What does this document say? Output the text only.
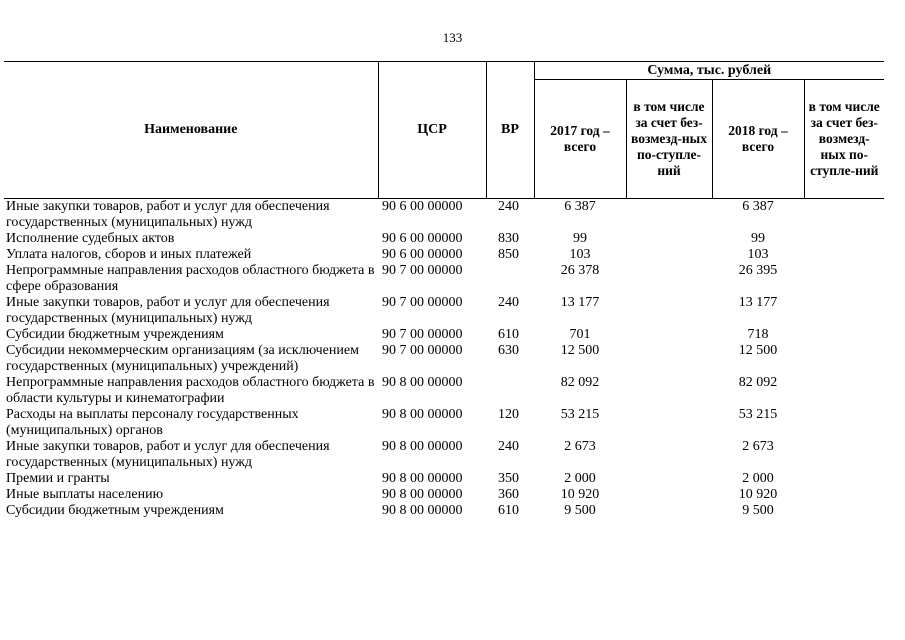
133
Наименование	ЦСР	ВР	Сумма, тыс. рублей			
			2017 год – всего	в том числе за счет без-возмезд-ных по-ступле-ний	2018 год – всего	в том числе за счет без-возмезд-ных по-ступле-ний
Иные закупки товаров, работ и услуг для обеспечения государственных (муниципальных) нужд	90 6 00 00000	240	6 387		6 387	
Исполнение судебных актов	90 6 00 00000	830	99		99	
Уплата налогов, сборов и иных платежей	90 6 00 00000	850	103		103	
Непрограммные направления расходов областного бюджета в сфере образования	90 7 00 00000		26 378		26 395	
Иные закупки товаров, работ и услуг для обеспечения государственных (муниципальных) нужд	90 7 00 00000	240	13 177		13 177	
Субсидии бюджетным учреждениям	90 7 00 00000	610	701		718	
Субсидии некоммерческим организациям (за исключением государственных (муниципальных) учреждений)	90 7 00 00000	630	12 500		12 500	
Непрограммные направления расходов областного бюджета в области культуры и кинематографии	90 8 00 00000		82 092		82 092	
Расходы на выплаты персоналу государственных (муниципальных) органов	90 8 00 00000	120	53 215		53 215	
Иные закупки товаров, работ и услуг для обеспечения государственных (муниципальных) нужд	90 8 00 00000	240	2 673		2 673	
Премии и гранты	90 8 00 00000	350	2 000		2 000	
Иные выплаты населению	90 8 00 00000	360	10 920		10 920	
Субсидии бюджетным учреждениям	90 8 00 00000	610	9 500		9 500	
